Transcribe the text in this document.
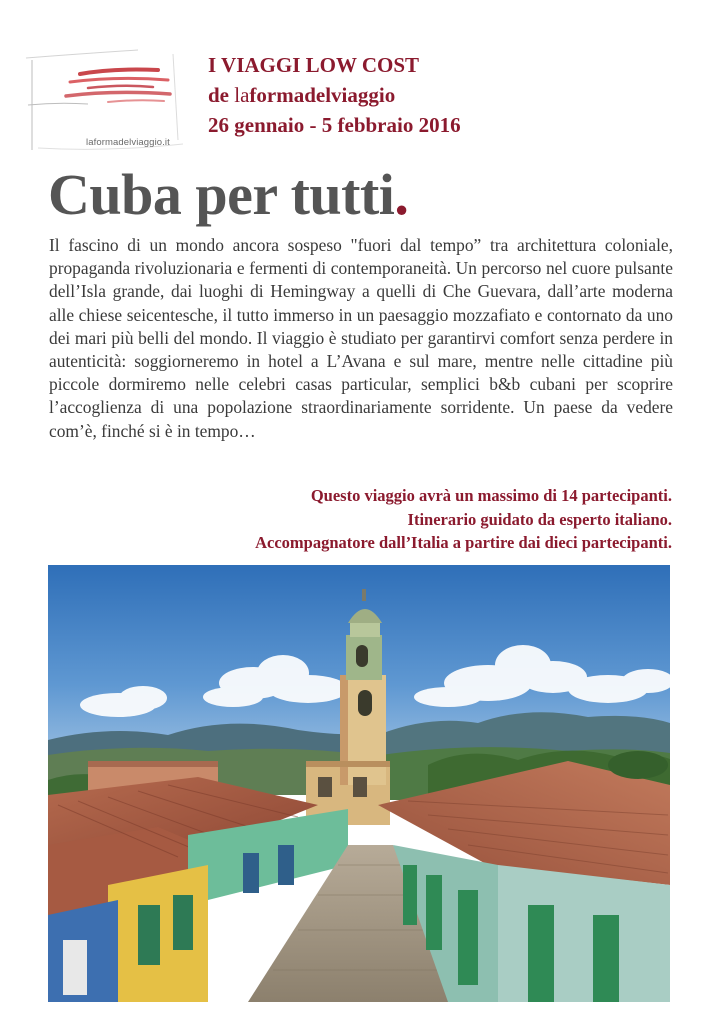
laformadelviaggio.it
I VIAGGI LOW COST
de laformadelviaggio
26 gennaio - 5 febbraio 2016
Cuba per tutti.

Il fascino di un mondo ancora sospeso "fuori dal tempo” tra architettura coloniale, propaganda rivoluzionaria e fermenti di contemporaneità. Un percorso nel cuore pulsante dell’Isla grande, dai luoghi di Hemingway a quelli di Che Guevara, dall’arte moderna alle chiese seicentesche, il tutto immerso in un paesaggio mozzafiato e contornato da uno dei mari più belli del mondo. Il viaggio è studiato per garantirvi comfort senza perdere in autenticità: soggiorneremo in hotel a L’Avana e sul mare, mentre nelle cittadine più piccole dormiremo nelle celebri casas particular, semplici b&b cubani per scoprire l’accoglienza di una popolazione straordinariamente sorridente. Un paese da vedere com’è, finché si è in tempo…

Questo viaggio avrà un massimo di 14 partecipanti.
Itinerario guidato da esperto italiano.
Accompagnatore dall’Italia a partire dai dieci partecipanti.
